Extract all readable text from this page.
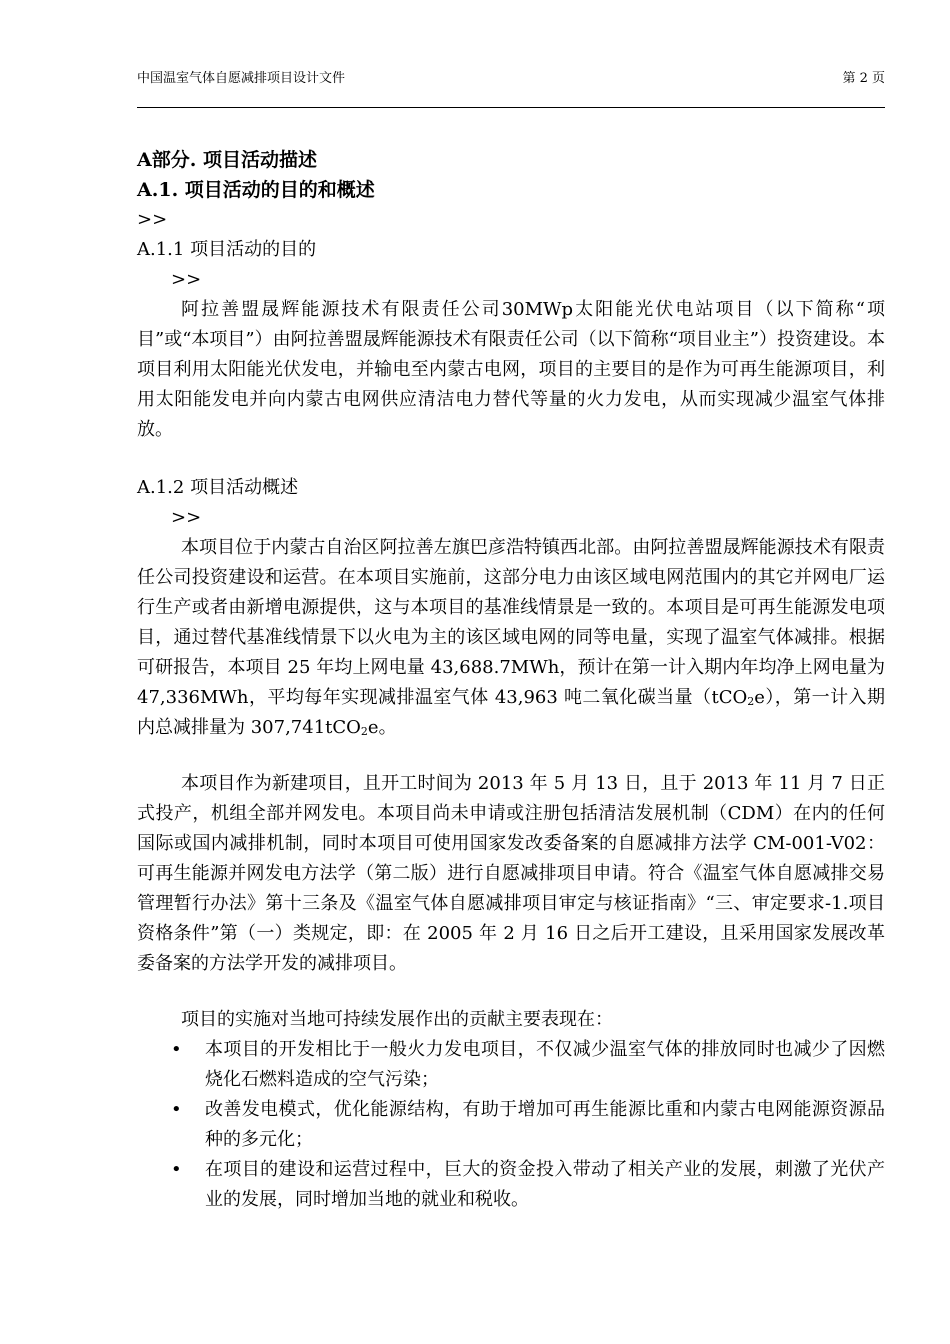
中国温室气体自愿减排项目设计文件	第 2 页

A部分. 项目活动描述

A.1. 项目活动的目的和概述

>>

A.1.1 项目活动的目的

>>

阿拉善盟晟辉能源技术有限责任公司30MWp太阳能光伏电站项目（以下简称“项目”或“本项目”）由阿拉善盟晟辉能源技术有限责任公司（以下简称“项目业主”）投资建设。本项目利用太阳能光伏发电，并输电至内蒙古电网，项目的主要目的是作为可再生能源项目，利用太阳能发电并向内蒙古电网供应清洁电力替代等量的火力发电，从而实现减少温室气体排放。

A.1.2 项目活动概述

>>

本项目位于内蒙古自治区阿拉善左旗巴彦浩特镇西北部。由阿拉善盟晟辉能源技术有限责任公司投资建设和运营。在本项目实施前，这部分电力由该区域电网范围内的其它并网电厂运行生产或者由新增电源提供，这与本项目的基准线情景是一致的。本项目是可再生能源发电项目，通过替代基准线情景下以火电为主的该区域电网的同等电量，实现了温室气体减排。根据可研报告，本项目 25 年均上网电量 43,688.7MWh，预计在第一计入期内年均净上网电量为 47,336MWh，平均每年实现减排温室气体 43,963 吨二氧化碳当量（tCO$_2$e），第一计入期内总减排量为 307,741tCO$_2$e。

本项目作为新建项目，且开工时间为 2013 年 5 月 13 日，且于 2013 年 11 月 7 日正式投产，机组全部并网发电。本项目尚未申请或注册包括清洁发展机制（CDM）在内的任何国际或国内减排机制，同时本项目可使用国家发改委备案的自愿减排方法学 CM-001-V02：可再生能源并网发电方法学（第二版）进行自愿减排项目申请。符合《温室气体自愿减排交易管理暂行办法》第十三条及《温室气体自愿减排项目审定与核证指南》“三、审定要求-1.项目资格条件”第（一）类规定，即：在 2005 年 2 月 16 日之后开工建设，且采用国家发展改革委备案的方法学开发的减排项目。

项目的实施对当地可持续发展作出的贡献主要表现在：

• 本项目的开发相比于一般火力发电项目，不仅减少温室气体的排放同时也减少了因燃烧化石燃料造成的空气污染；
• 改善发电模式，优化能源结构，有助于增加可再生能源比重和内蒙古电网能源资源品种的多元化；
• 在项目的建设和运营过程中，巨大的资金投入带动了相关产业的发展，刺激了光伏产业的发展，同时增加当地的就业和税收。
